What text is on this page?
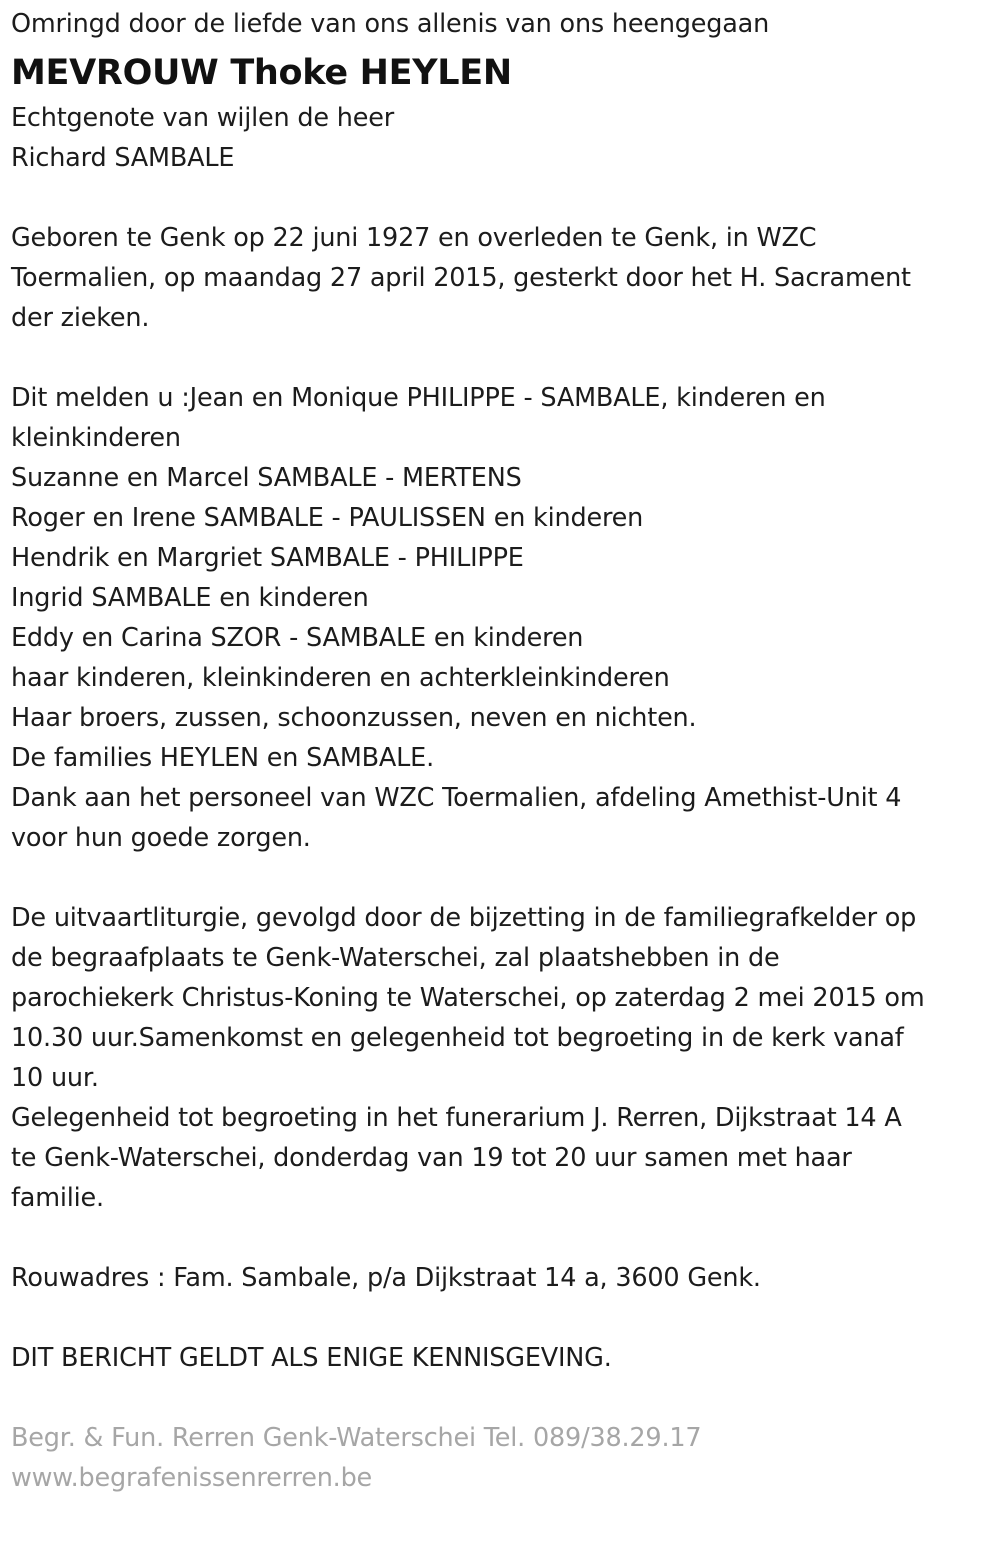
Omringd door de liefde van ons allenis van ons heengegaan
MEVROUW Thoke HEYLEN
Echtgenote van wijlen de heer
Richard SAMBALE
Geboren te Genk op 22 juni 1927 en overleden te Genk, in WZC
Toermalien, op maandag 27 april 2015, gesterkt door het H. Sacrament
der zieken.
Dit melden u :Jean en Monique PHILIPPE - SAMBALE, kinderen en
kleinkinderen
Suzanne en Marcel SAMBALE - MERTENS
Roger en Irene SAMBALE - PAULISSEN en kinderen
Hendrik en Margriet SAMBALE - PHILIPPE
Ingrid SAMBALE en kinderen
Eddy en Carina SZOR - SAMBALE en kinderen
haar kinderen, kleinkinderen en achterkleinkinderen
Haar broers, zussen, schoonzussen, neven en nichten.
De families HEYLEN en SAMBALE.
Dank aan het personeel van WZC Toermalien, afdeling Amethist-Unit 4
voor hun goede zorgen.
De uitvaartliturgie, gevolgd door de bijzetting in de familiegrafkelder op
de begraafplaats te Genk-Waterschei, zal plaatshebben in de
parochiekerk Christus-Koning te Waterschei, op zaterdag 2 mei 2015 om
10.30 uur.Samenkomst en gelegenheid tot begroeting in de kerk vanaf
10 uur.
Gelegenheid tot begroeting in het funerarium J. Rerren, Dijkstraat 14 A
te Genk-Waterschei, donderdag van 19 tot 20 uur samen met haar
familie.
Rouwadres : Fam. Sambale, p/a Dijkstraat 14 a, 3600 Genk.
DIT BERICHT GELDT ALS ENIGE KENNISGEVING.
Begr. & Fun. Rerren Genk-Waterschei Tel. 089/38.29.17
www.begrafenissenrerren.be
